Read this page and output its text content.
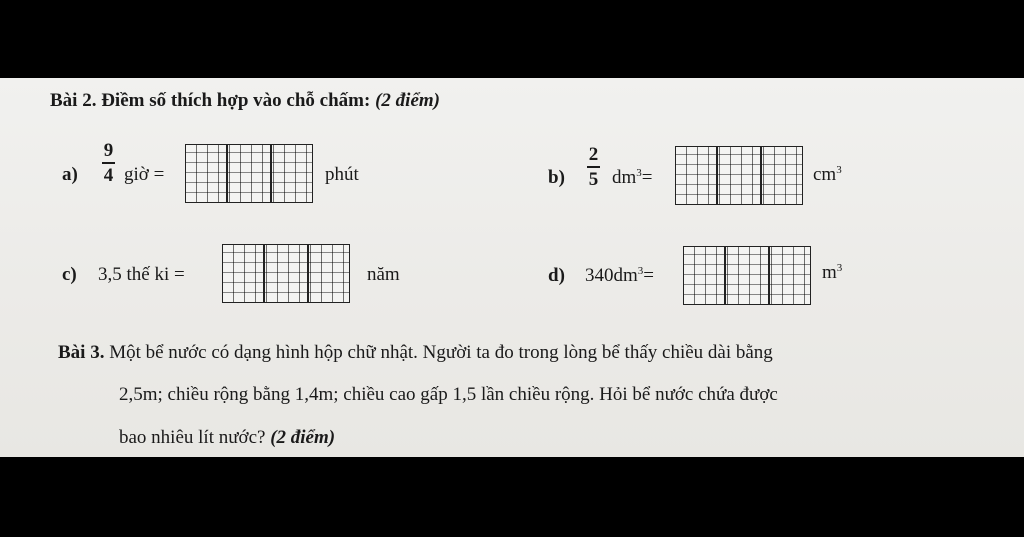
Bài 2. Điềm số thích hợp vào chỗ chấm: (2 điểm)
a)
9
4 giờ =	phút	b)
2
5 $dm^3=$	$cm^3$
c) 3,5 thế ki =	năm	d) $340dm^3=$	$m^3$
Bài 3. Một bể nước có dạng hình hộp chữ nhật. Người ta đo trong lòng bể thấy chiều dài bằng
2,5m; chiều rộng bằng 1,4m; chiều cao gấp 1,5 lần chiều rộng. Hỏi bể nước chứa được
bao nhiêu lít nước? (2 điểm)
